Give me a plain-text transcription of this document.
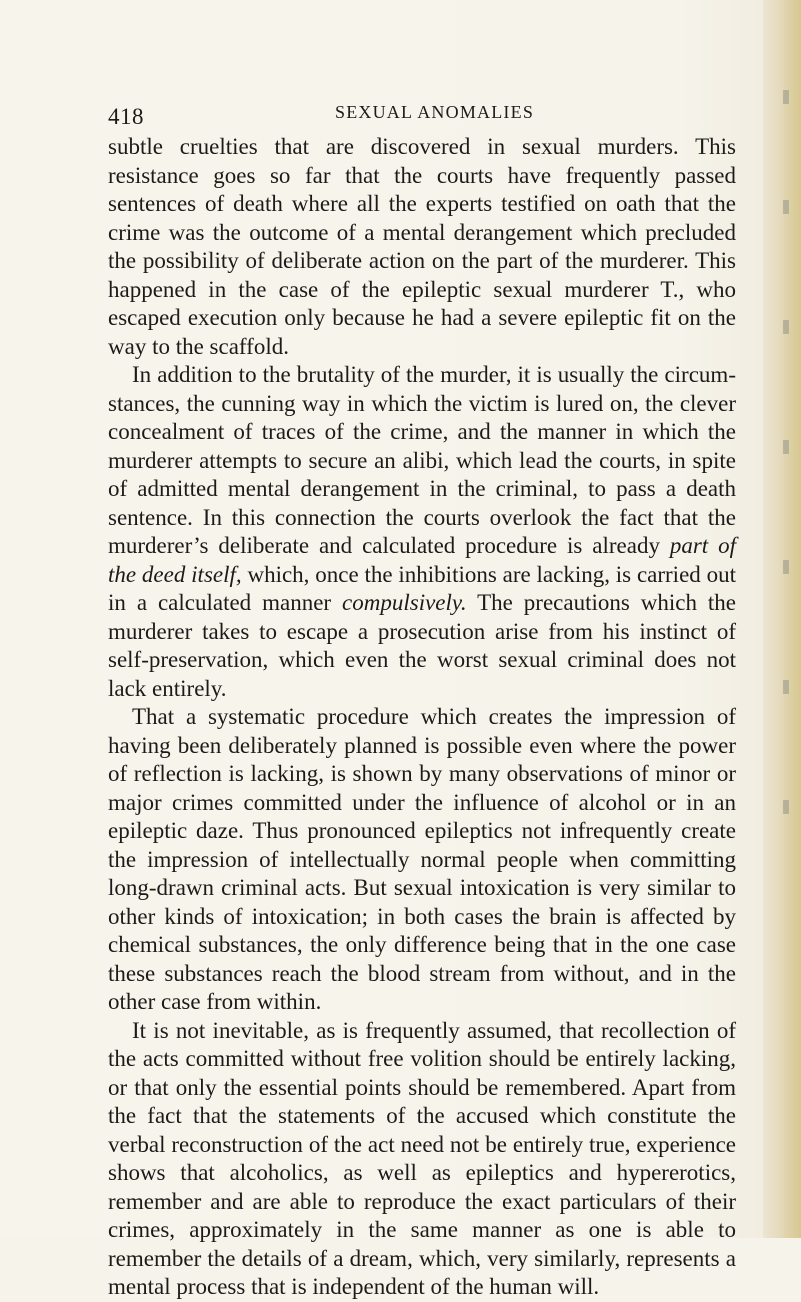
418	SEXUAL ANOMALIES

subtle cruelties that are discovered in sexual murders. This resistance goes so far that the courts have frequently passed sentences of death where all the experts testified on oath that the crime was the outcome of a mental derangement which precluded the possibility of deliberate action on the part of the murderer. This happened in the case of the epileptic sexual murderer T., who escaped execution only because he had a severe epileptic fit on the way to the scaffold.

In addition to the brutality of the murder, it is usually the circumstances, the cunning way in which the victim is lured on, the clever concealment of traces of the crime, and the manner in which the murderer attempts to secure an alibi, which lead the courts, in spite of admitted mental derangement in the criminal, to pass a death sentence. In this connection the courts overlook the fact that the murderer’s deliberate and calculated procedure is already part of the deed itself, which, once the inhibitions are lacking, is carried out in a calculated manner compulsively. The precautions which the murderer takes to escape a prosecution arise from his instinct of self-preservation, which even the worst sexual criminal does not lack entirely.

That a systematic procedure which creates the impression of having been deliberately planned is possible even where the power of reflection is lacking, is shown by many observations of minor or major crimes committed under the influence of alcohol or in an epileptic daze. Thus pronounced epileptics not infrequently create the impression of intellectually normal people when committing long-drawn criminal acts. But sexual intoxication is very similar to other kinds of intoxication; in both cases the brain is affected by chemical substances, the only difference being that in the one case these substances reach the blood stream from without, and in the other case from within.

It is not inevitable, as is frequently assumed, that recollection of the acts committed without free volition should be entirely lacking, or that only the essential points should be remembered. Apart from the fact that the statements of the accused which constitute the verbal reconstruction of the act need not be entirely true, experience shows that alcoholics, as well as epileptics and hypererotics, remember and are able to reproduce the exact particulars of their crimes, approximately in the same manner as one is able to remember the details of a dream, which, very similarly, represents a mental process that is independent of the human will.
